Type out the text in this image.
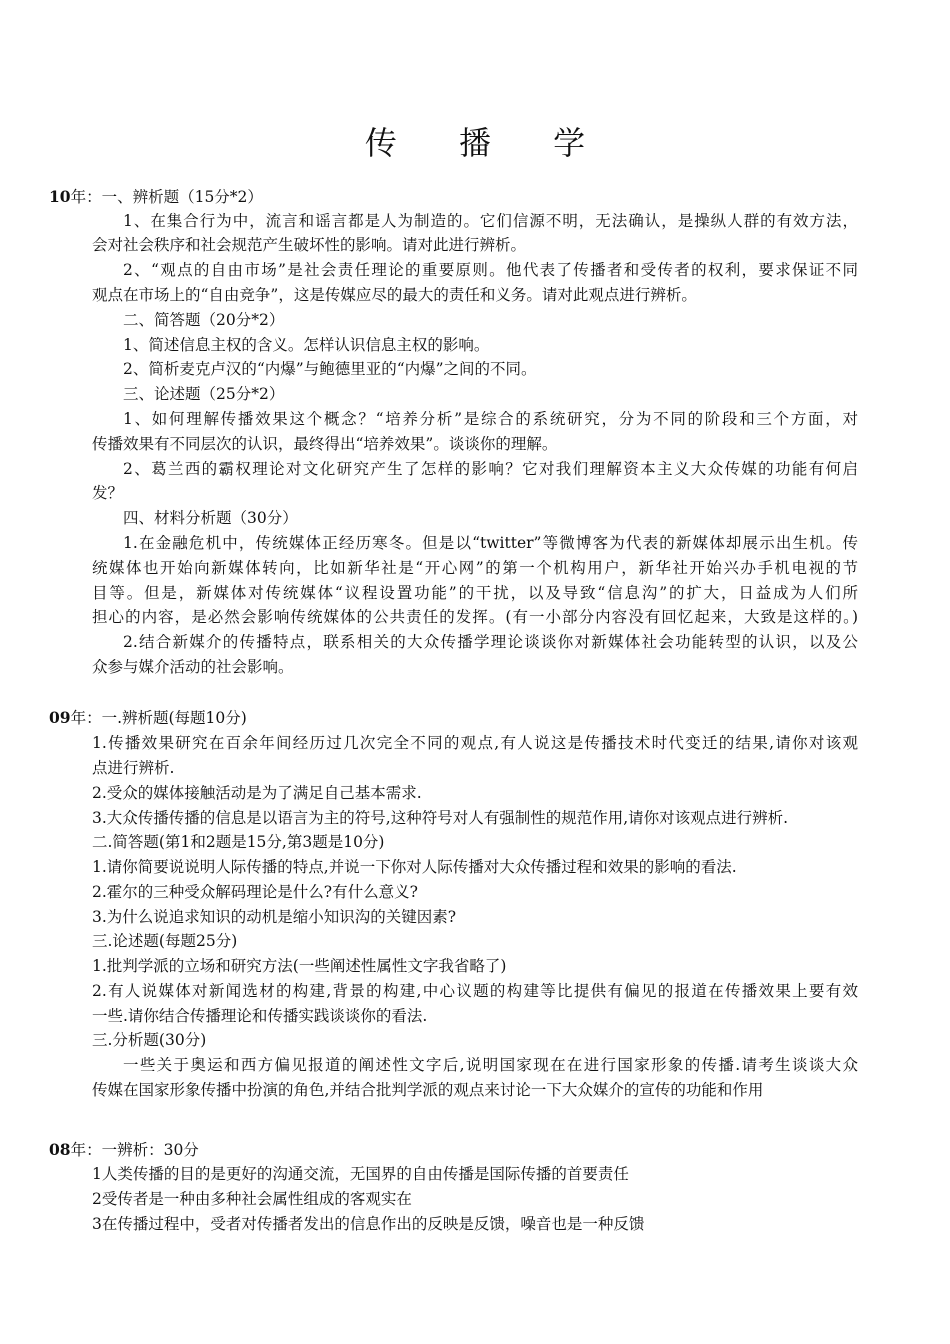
传 播 学
10年：一、辨析题（15分*2）
1、在集合行为中，流言和谣言都是人为制造的。它们信源不明，无法确认，是操纵人群的有效方法，
会对社会秩序和社会规范产生破坏性的影响。请对此进行辨析。
2、“观点的自由市场”是社会责任理论的重要原则。他代表了传播者和受传者的权利，要求保证不同
观点在市场上的“自由竞争”，这是传媒应尽的最大的责任和义务。请对此观点进行辨析。
二、简答题（20分*2）
1、简述信息主权的含义。怎样认识信息主权的影响。
2、简析麦克卢汉的“内爆”与鲍德里亚的“内爆”之间的不同。
三、论述题（25分*2）
1、如何理解传播效果这个概念？“培养分析”是综合的系统研究，分为不同的阶段和三个方面，对
传播效果有不同层次的认识，最终得出“培养效果”。谈谈你的理解。
2、葛兰西的霸权理论对文化研究产生了怎样的影响？它对我们理解资本主义大众传媒的功能有何启
发？
四、材料分析题（30分）
1.在金融危机中，传统媒体正经历寒冬。但是以“twitter”等微博客为代表的新媒体却展示出生机。传
统媒体也开始向新媒体转向，比如新华社是“开心网”的第一个机构用户，新华社开始兴办手机电视的节
目等。但是，新媒体对传统媒体“议程设置功能”的干扰，以及导致“信息沟”的扩大，日益成为人们所
担心的内容，是必然会影响传统媒体的公共责任的发挥。(有一小部分内容没有回忆起来，大致是这样的。)
2.结合新媒介的传播特点，联系相关的大众传播学理论谈谈你对新媒体社会功能转型的认识，以及公
众参与媒介活动的社会影响。
09年：一.辨析题(每题10分)
1.传播效果研究在百余年间经历过几次完全不同的观点,有人说这是传播技术时代变迁的结果,请你对该观
点进行辨析.
2.受众的媒体接触活动是为了满足自己基本需求.
3.大众传播传播的信息是以语言为主的符号,这种符号对人有强制性的规范作用,请你对该观点进行辨析.
二.简答题(第1和2题是15分,第3题是10分)
1.请你简要说说明人际传播的特点,并说一下你对人际传播对大众传播过程和效果的影响的看法.
2.霍尔的三种受众解码理论是什么?有什么意义?
3.为什么说追求知识的动机是缩小知识沟的关键因素?
三.论述题(每题25分)
1.批判学派的立场和研究方法(一些阐述性属性文字我省略了)
2.有人说媒体对新闻选材的构建,背景的构建,中心议题的构建等比提供有偏见的报道在传播效果上要有效
一些.请你结合传播理论和传播实践谈谈你的看法.
三.分析题(30分)
一些关于奥运和西方偏见报道的阐述性文字后,说明国家现在在进行国家形象的传播.请考生谈谈大众
传媒在国家形象传播中扮演的角色,并结合批判学派的观点来讨论一下大众媒介的宣传的功能和作用
08年：一辨析：30分
1人类传播的目的是更好的沟通交流，无国界的自由传播是国际传播的首要责任
2受传者是一种由多种社会属性组成的客观实在
3在传播过程中，受者对传播者发出的信息作出的反映是反馈，噪音也是一种反馈
